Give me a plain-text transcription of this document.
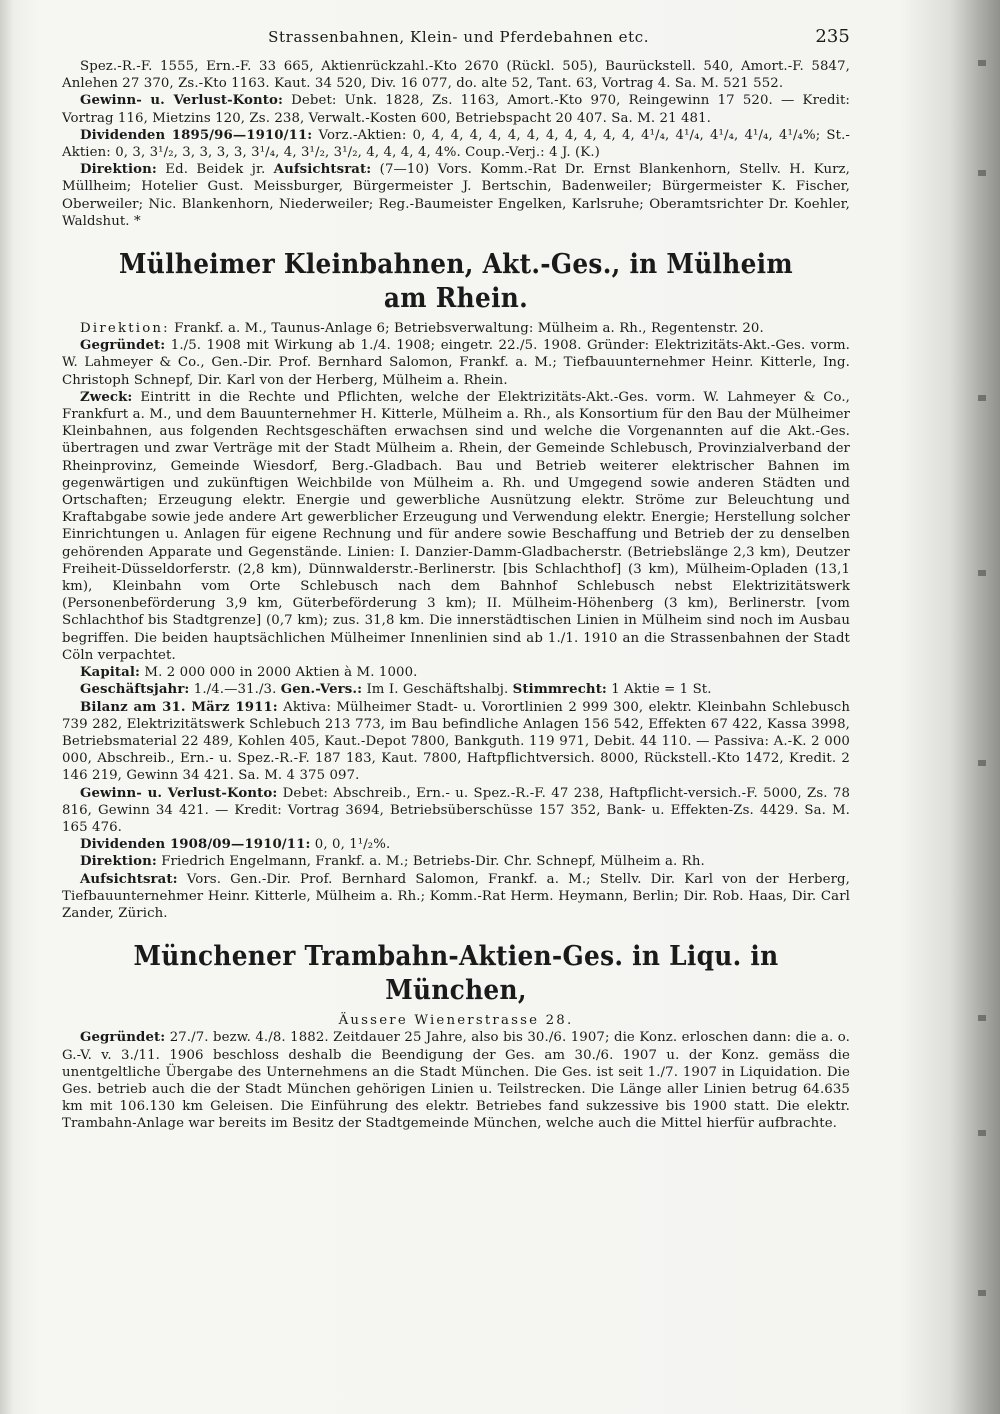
Strassenbahnen, Klein- und Pferdebahnen etc.	235

Spez.-R.-F. 1555, Ern.-F. 33 665, Aktienrückzahl.-Kto 2670 (Rückl. 505), Baurückstell. 540, Amort.-F. 5847, Anlehen 27 370, Zs.-Kto 1163. Kaut. 34 520, Div. 16 077, do. alte 52, Tant. 63, Vortrag 4. Sa. M. 521 552.

Gewinn- u. Verlust-Konto: Debet: Unk. 1828, Zs. 1163, Amort.-Kto 970, Reingewinn 17 520. — Kredit: Vortrag 116, Mietzins 120, Zs. 238, Verwalt.-Kosten 600, Betriebspacht 20 407. Sa. M. 21 481.

Dividenden 1895/96—1910/11: Vorz.-Aktien: 0, 4, 4, 4, 4, 4, 4, 4, 4, 4, 4, 4, 4¹/₄, 4¹/₄, 4¹/₄, 4¹/₄, 4¹/₄%; St.-Aktien: 0, 3, 3¹/₂, 3, 3, 3, 3, 3¹/₄, 4, 3¹/₂, 3¹/₂, 4, 4, 4, 4, 4%. Coup.-Verj.: 4 J. (K.)

Direktion: Ed. Beidek jr. Aufsichtsrat: (7—10) Vors. Komm.-Rat Dr. Ernst Blankenhorn, Stellv. H. Kurz, Müllheim; Hotelier Gust. Meissburger, Bürgermeister J. Bertschin, Badenweiler; Bürgermeister K. Fischer, Oberweiler; Nic. Blankenhorn, Niederweiler; Reg.-Baumeister Engelken, Karlsruhe; Oberamtsrichter Dr. Koehler, Waldshut. *

Mülheimer Kleinbahnen, Akt.-Ges., in Mülheim am Rhein.

Direktion: Frankf. a. M., Taunus-Anlage 6; Betriebsverwaltung: Mülheim a. Rh., Regentenstr. 20.

Gegründet: 1./5. 1908 mit Wirkung ab 1./4. 1908; eingetr. 22./5. 1908. Gründer: Elektrizitäts-Akt.-Ges. vorm. W. Lahmeyer & Co., Gen.-Dir. Prof. Bernhard Salomon, Frankf. a. M.; Tiefbauunternehmer Heinr. Kitterle, Ing. Christoph Schnepf, Dir. Karl von der Herberg, Mülheim a. Rhein.

Zweck: Eintritt in die Rechte und Pflichten, welche der Elektrizitäts-Akt.-Ges. vorm. W. Lahmeyer & Co., Frankfurt a. M., und dem Bauunternehmer H. Kitterle, Mülheim a. Rh., als Konsortium für den Bau der Mülheimer Kleinbahnen, aus folgenden Rechtsgeschäften erwachsen sind und welche die Vorgenannten auf die Akt.-Ges. übertragen und zwar Verträge mit der Stadt Mülheim a. Rhein, der Gemeinde Schlebusch, Provinzialverband der Rheinprovinz, Gemeinde Wiesdorf, Berg.-Gladbach. Bau und Betrieb weiterer elektrischer Bahnen im gegenwärtigen und zukünftigen Weichbilde von Mülheim a. Rh. und Umgegend sowie anderen Städten und Ortschaften; Erzeugung elektr. Energie und gewerbliche Ausnützung elektr. Ströme zur Beleuchtung und Kraftabgabe sowie jede andere Art gewerblicher Erzeugung und Verwendung elektr. Energie; Herstellung solcher Einrichtungen u. Anlagen für eigene Rechnung und für andere sowie Beschaffung und Betrieb der zu denselben gehörenden Apparate und Gegenstände. Linien: I. Danzier-Damm-Gladbacherstr. (Betriebslänge 2,3 km), Deutzer Freiheit-Düsseldorferstr. (2,8 km), Dünnwalderstr.-Berlinerstr. [bis Schlachthof] (3 km), Mülheim-Opladen (13,1 km), Kleinbahn vom Orte Schlebusch nach dem Bahnhof Schlebusch nebst Elektrizitätswerk (Personenbeförderung 3,9 km, Güterbeförderung 3 km); II. Mülheim-Höhenberg (3 km), Berlinerstr. [vom Schlachthof bis Stadtgrenze] (0,7 km); zus. 31,8 km. Die innerstädtischen Linien in Mülheim sind noch im Ausbau begriffen. Die beiden hauptsächlichen Mülheimer Innenlinien sind ab 1./1. 1910 an die Strassenbahnen der Stadt Cöln verpachtet.

Kapital: M. 2 000 000 in 2000 Aktien à M. 1000.

Geschäftsjahr: 1./4.—31./3. Gen.-Vers.: Im I. Geschäftshalbj. Stimmrecht: 1 Aktie = 1 St.

Bilanz am 31. März 1911: Aktiva: Mülheimer Stadt- u. Vorortlinien 2 999 300, elektr. Kleinbahn Schlebusch 739 282, Elektrizitätswerk Schlebuch 213 773, im Bau befindliche Anlagen 156 542, Effekten 67 422, Kassa 3998, Betriebsmaterial 22 489, Kohlen 405, Kaut.-Depot 7800, Bankguth. 119 971, Debit. 44 110. — Passiva: A.-K. 2 000 000, Abschreib., Ern.- u. Spez.-R.-F. 187 183, Kaut. 7800, Haftpflichtversich. 8000, Rückstell.-Kto 1472, Kredit. 2 146 219, Gewinn 34 421. Sa. M. 4 375 097.

Gewinn- u. Verlust-Konto: Debet: Abschreib., Ern.- u. Spez.-R.-F. 47 238, Haftpflicht-versich.-F. 5000, Zs. 78 816, Gewinn 34 421. — Kredit: Vortrag 3694, Betriebsüberschüsse 157 352, Bank- u. Effekten-Zs. 4429. Sa. M. 165 476.

Dividenden 1908/09—1910/11: 0, 0, 1¹/₂%.

Direktion: Friedrich Engelmann, Frankf. a. M.; Betriebs-Dir. Chr. Schnepf, Mülheim a. Rh.

Aufsichtsrat: Vors. Gen.-Dir. Prof. Bernhard Salomon, Frankf. a. M.; Stellv. Dir. Karl von der Herberg, Tiefbauunternehmer Heinr. Kitterle, Mülheim a. Rh.; Komm.-Rat Herm. Heymann, Berlin; Dir. Rob. Haas, Dir. Carl Zander, Zürich.

Münchener Trambahn-Aktien-Ges. in Liqu. in München,

Äussere Wienerstrasse 28.

Gegründet: 27./7. bezw. 4./8. 1882. Zeitdauer 25 Jahre, also bis 30./6. 1907; die Konz. erloschen dann: die a. o. G.-V. v. 3./11. 1906 beschloss deshalb die Beendigung der Ges. am 30./6. 1907 u. der Konz. gemäss die unentgeltliche Übergabe des Unternehmens an die Stadt München. Die Ges. ist seit 1./7. 1907 in Liquidation. Die Ges. betrieb auch die der Stadt München gehörigen Linien u. Teilstrecken. Die Länge aller Linien betrug 64.635 km mit 106.130 km Geleisen. Die Einführung des elektr. Betriebes fand sukzessive bis 1900 statt. Die elektr. Trambahn-Anlage war bereits im Besitz der Stadtgemeinde München, welche auch die Mittel hierfür aufbrachte.
